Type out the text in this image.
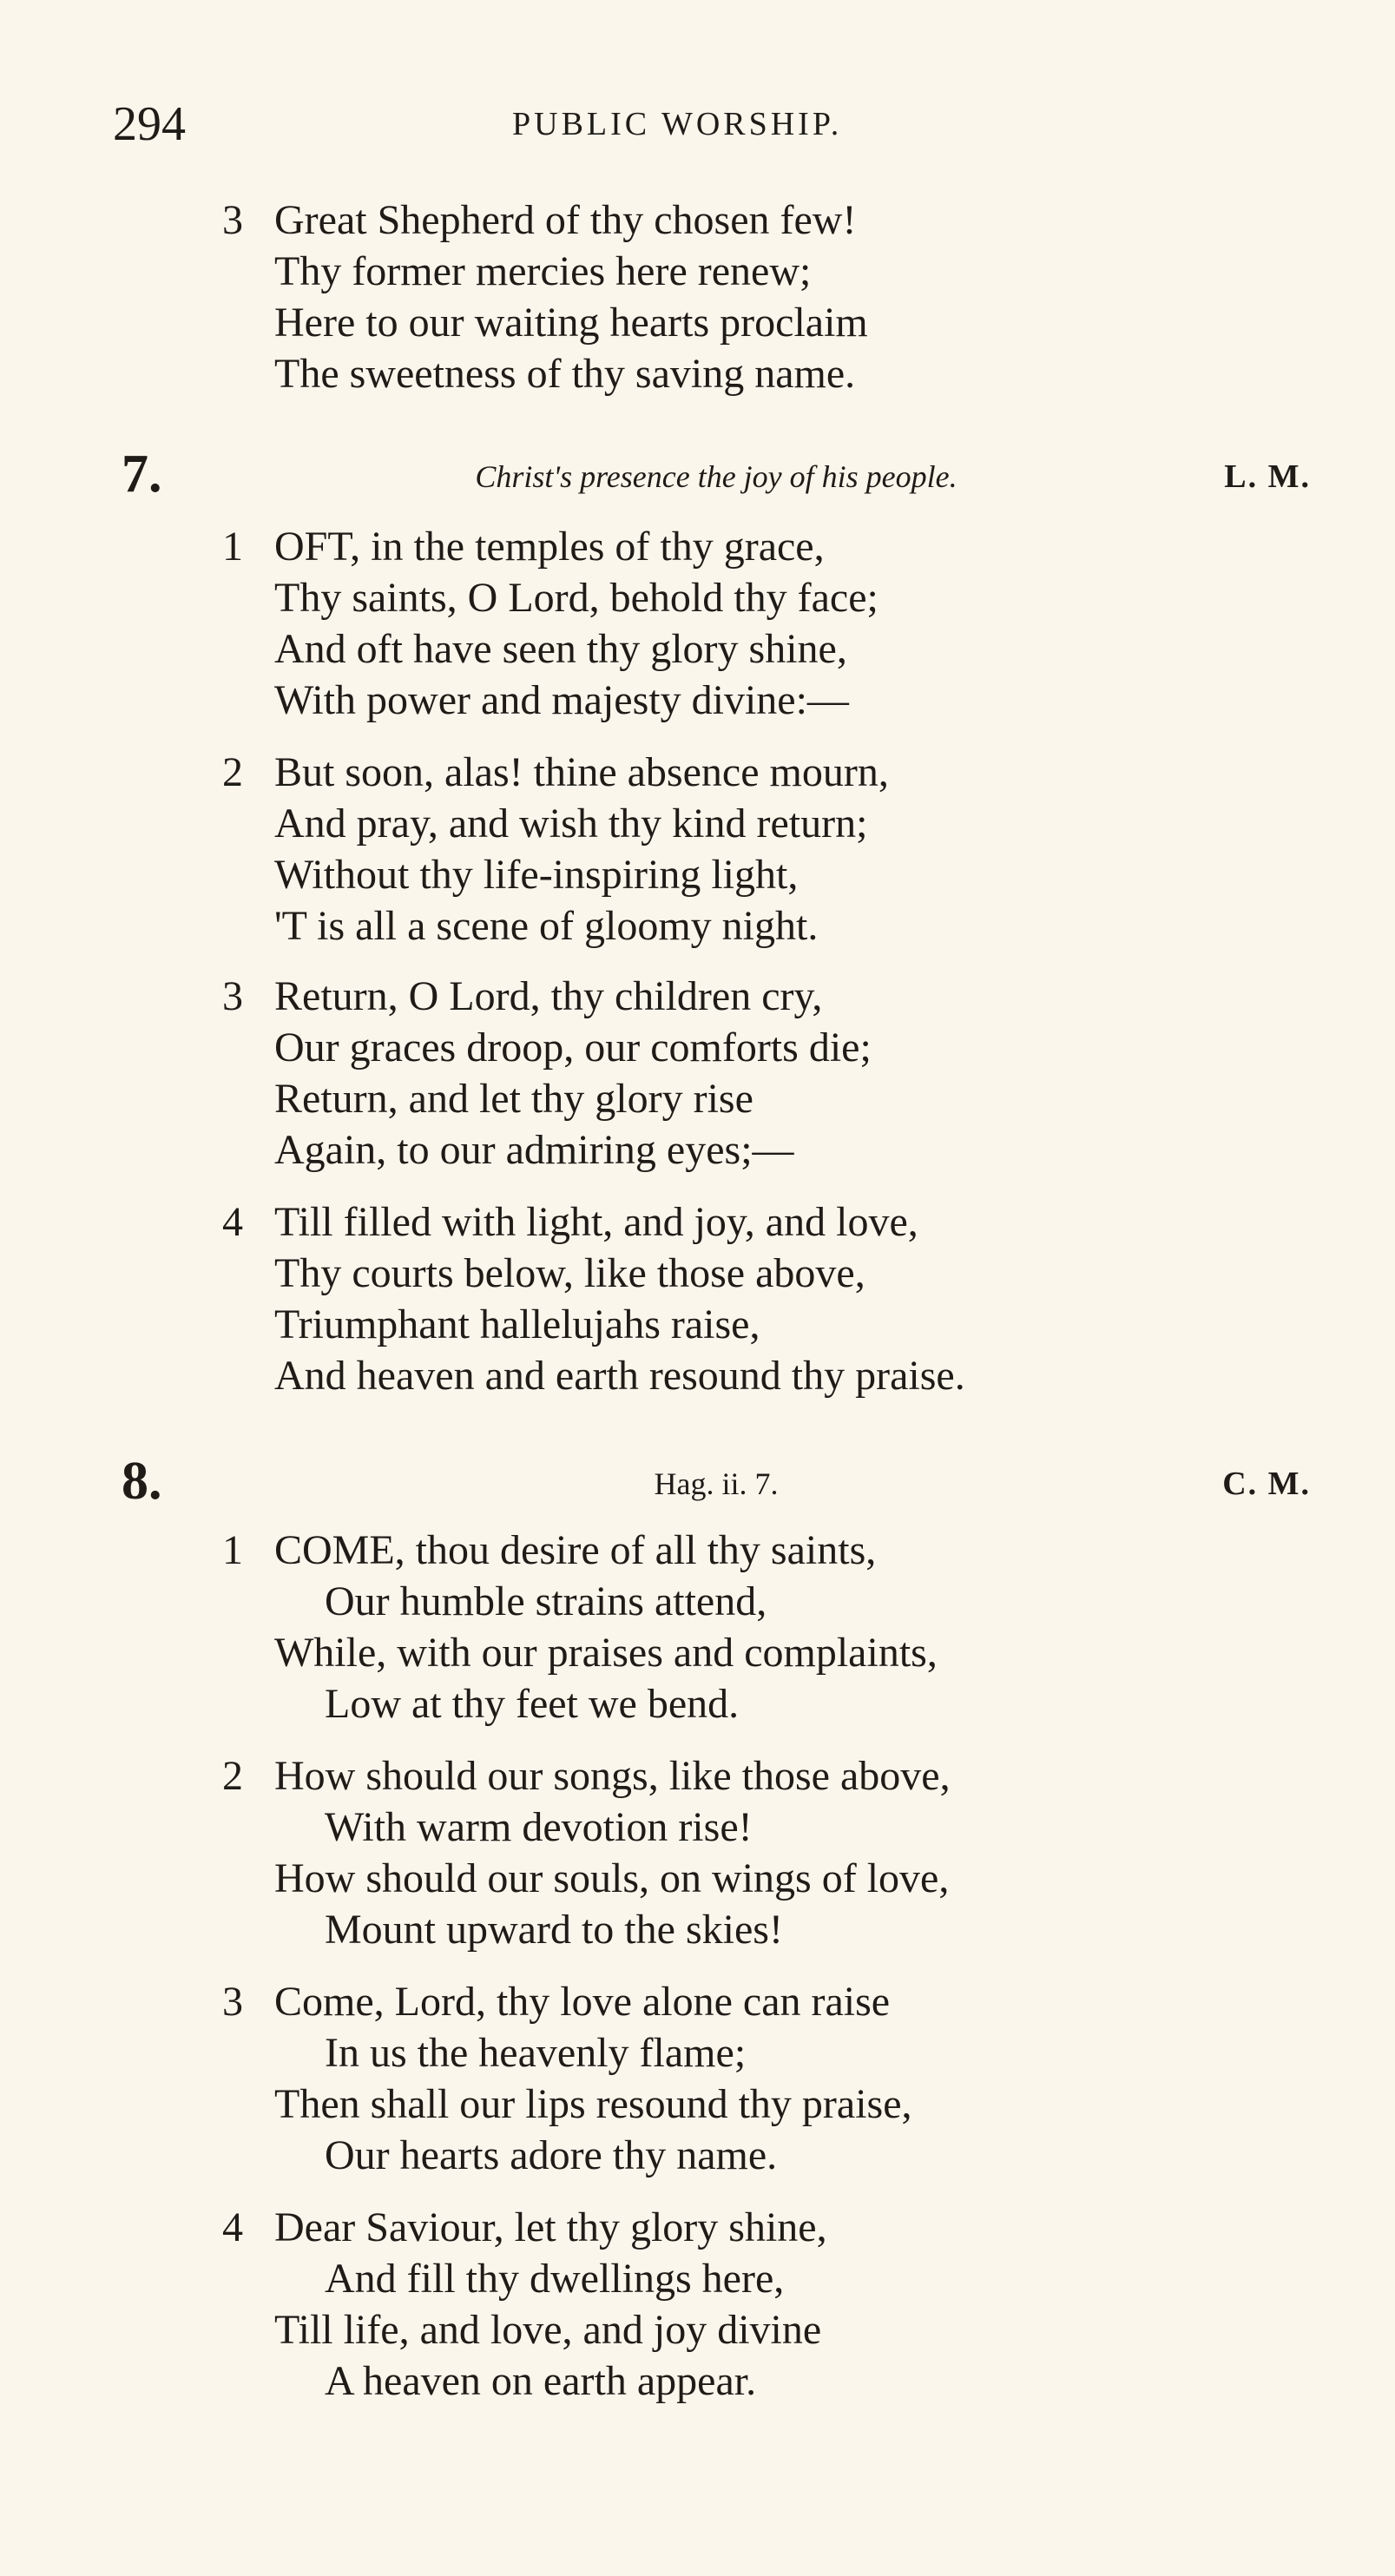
294	PUBLIC WORSHIP.
3 Great Shepherd of thy chosen few!
Thy former mercies here renew;
Here to our waiting hearts proclaim
The sweetness of thy saving name.
7.	Christ's presence the joy of his people.	L. M.
1 OFT, in the temples of thy grace,
Thy saints, O Lord, behold thy face;
And oft have seen thy glory shine,
With power and majesty divine:—
2 But soon, alas! thine absence mourn,
And pray, and wish thy kind return;
Without thy life-inspiring light,
'T is all a scene of gloomy night.
3 Return, O Lord, thy children cry,
Our graces droop, our comforts die;
Return, and let thy glory rise
Again, to our admiring eyes;—
4 Till filled with light, and joy, and love,
Thy courts below, like those above,
Triumphant hallelujahs raise,
And heaven and earth resound thy praise.
8.	Hag. ii. 7.	C. M.
1 COME, thou desire of all thy saints,
Our humble strains attend,
While, with our praises and complaints,
Low at thy feet we bend.
2 How should our songs, like those above,
With warm devotion rise!
How should our souls, on wings of love,
Mount upward to the skies!
3 Come, Lord, thy love alone can raise
In us the heavenly flame;
Then shall our lips resound thy praise,
Our hearts adore thy name.
4 Dear Saviour, let thy glory shine,
And fill thy dwellings here,
Till life, and love, and joy divine
A heaven on earth appear.
